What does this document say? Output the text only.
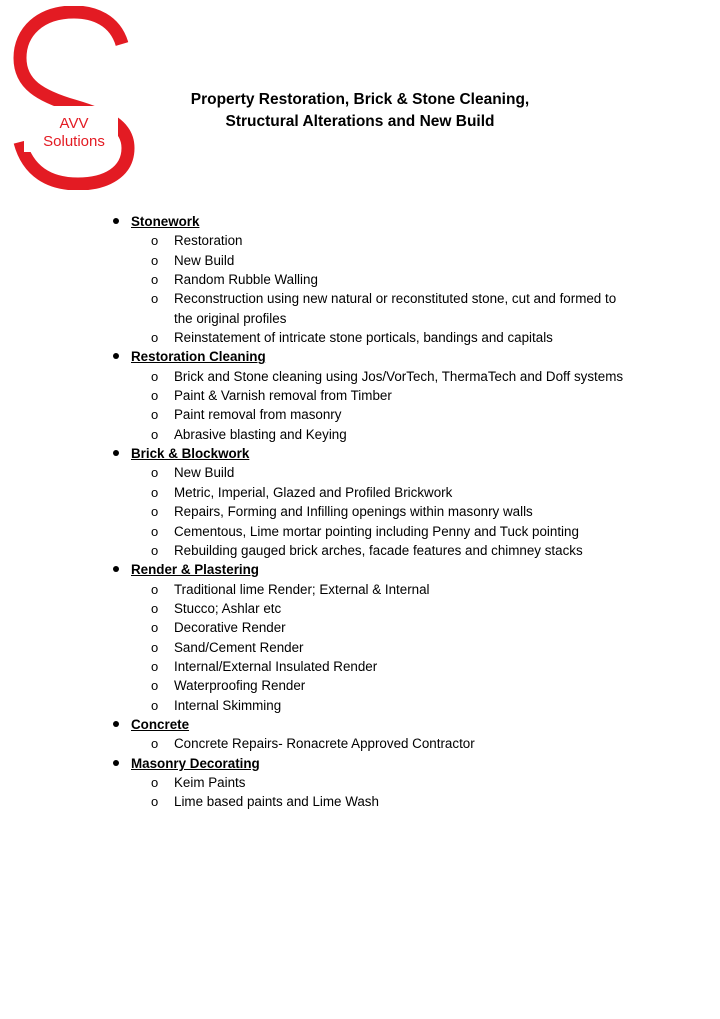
AVV
Solutions
Property Restoration, Brick & Stone Cleaning,
Structural Alterations and New Build
Stonework
o Restoration
o New Build
o Random Rubble Walling
o Reconstruction using new natural or reconstituted stone, cut and formed to the original profiles
o Reinstatement of intricate stone porticals, bandings and capitals
Restoration Cleaning
o Brick and Stone cleaning using Jos/VorTech, ThermaTech and Doff systems
o Paint & Varnish removal from Timber
o Paint removal from masonry
o Abrasive blasting and Keying
Brick & Blockwork
o New Build
o Metric, Imperial, Glazed and Profiled Brickwork
o Repairs, Forming and Infilling openings within masonry walls
o Cementous, Lime mortar pointing including Penny and Tuck pointing
o Rebuilding gauged brick arches, facade features and chimney stacks
Render & Plastering
o Traditional lime Render; External & Internal
o Stucco; Ashlar etc
o Decorative Render
o Sand/Cement Render
o Internal/External Insulated Render
o Waterproofing Render
o Internal Skimming
Concrete
o Concrete Repairs- Ronacrete Approved Contractor
Masonry Decorating
o Keim Paints
o Lime based paints and Lime Wash
